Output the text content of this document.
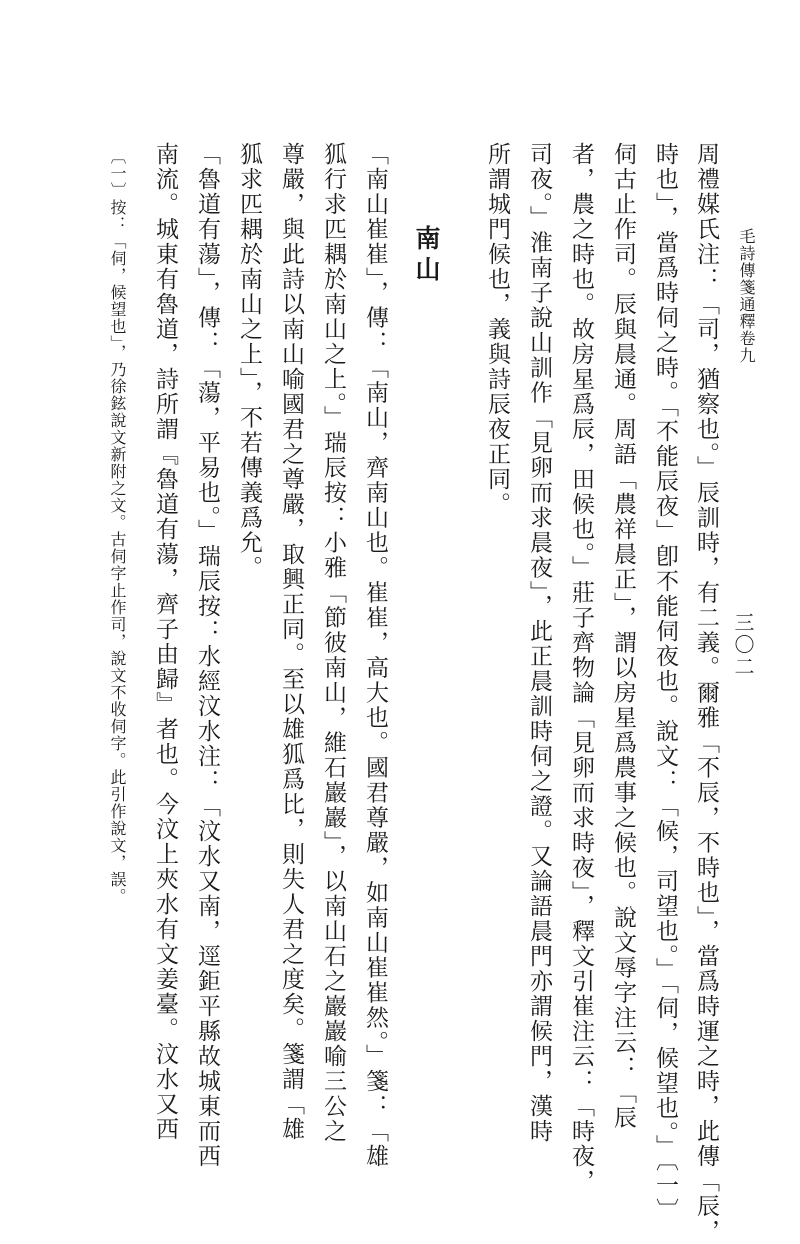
毛詩傳箋通釋卷九
三〇二
周禮媒氏注：「司，猶察也。」辰訓時，有二義。爾雅「不辰，不時也」，當爲時運之時，此傳「辰，
時也」，當爲時伺之時。「不能辰夜」卽不能伺夜也。說文：「候，司望也。」「伺，候望也。」〔一〕
伺古止作司。辰與晨通。周語「農祥晨正」，謂以房星爲農事之候也。說文辱字注云：「辰
者，農之時也。故房星爲辰，田候也。」莊子齊物論「見卵而求時夜」，釋文引崔注云：「時夜，
司夜。」淮南子說山訓作「見卵而求晨夜」，此正晨訓時伺之證。又論語晨門亦謂候門，漢時
所謂城門候也，義與詩辰夜正同。
南山
「南山崔崔」，傳：「南山，齊南山也。崔崔，高大也。國君尊嚴，如南山崔崔然。」箋：「雄
狐行求匹耦於南山之上。」瑞辰按：小雅「節彼南山，維石巖巖」，以南山石之巖巖喻三公之
尊嚴，與此詩以南山喻國君之尊嚴，取興正同。至以雄狐爲比，則失人君之度矣。箋謂「雄
狐求匹耦於南山之上」，不若傳義爲允。
「魯道有蕩」，傳：「蕩，平易也。」瑞辰按：水經汶水注：「汶水又南，逕鉅平縣故城東而西
南流。城東有魯道，詩所謂『魯道有蕩，齊子由歸』者也。今汶上夾水有文姜臺。汶水又西
〔一〕按：「伺，候望也」，乃徐鉉說文新附之文。古伺字止作司，說文不收伺字。此引作說文，誤。
